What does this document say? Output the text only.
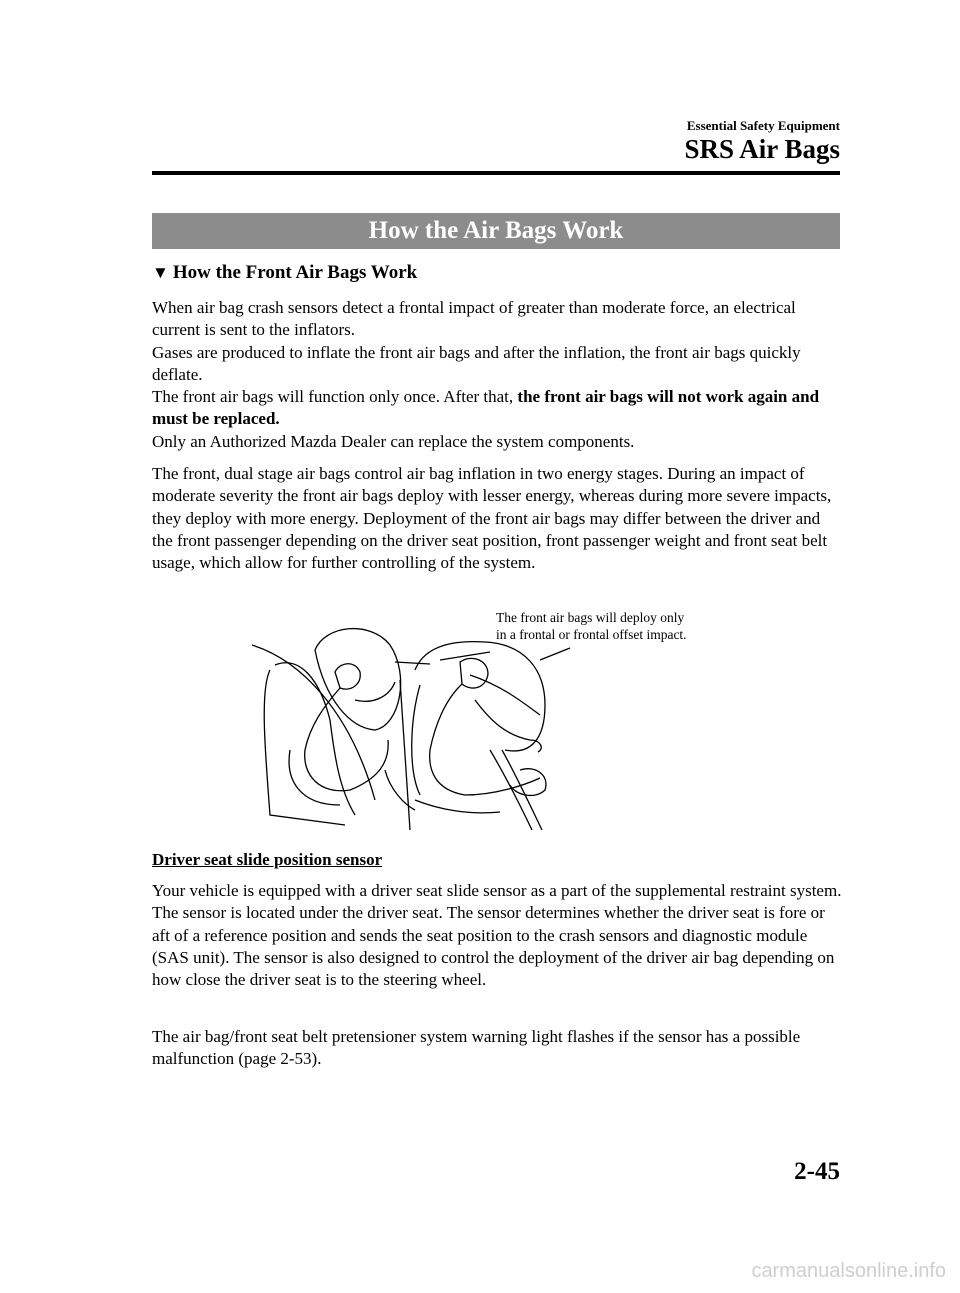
Essential Safety Equipment
SRS Air Bags
How the Air Bags Work
▼ How the Front Air Bags Work
When air bag crash sensors detect a frontal impact of greater than moderate force, an electrical current is sent to the inflators.
Gases are produced to inflate the front air bags and after the inflation, the front air bags quickly deflate.
The front air bags will function only once. After that, the front air bags will not work again and must be replaced.
Only an Authorized Mazda Dealer can replace the system components.
The front, dual stage air bags control air bag inflation in two energy stages. During an impact of moderate severity the front air bags deploy with lesser energy, whereas during more severe impacts, they deploy with more energy. Deployment of the front air bags may differ between the driver and the front passenger depending on the driver seat position, front passenger weight and front seat belt usage, which allow for further controlling of the system.
The front air bags will deploy only
in a frontal or frontal offset impact.
Driver seat slide position sensor
Your vehicle is equipped with a driver seat slide sensor as a part of the supplemental restraint system. The sensor is located under the driver seat. The sensor determines whether the driver seat is fore or aft of a reference position and sends the seat position to the crash sensors and diagnostic module (SAS unit). The sensor is also designed to control the deployment of the driver air bag depending on how close the driver seat is to the steering wheel.
The air bag/front seat belt pretensioner system warning light flashes if the sensor has a possible malfunction (page 2-53).
2-45
carmanualsonline.info
